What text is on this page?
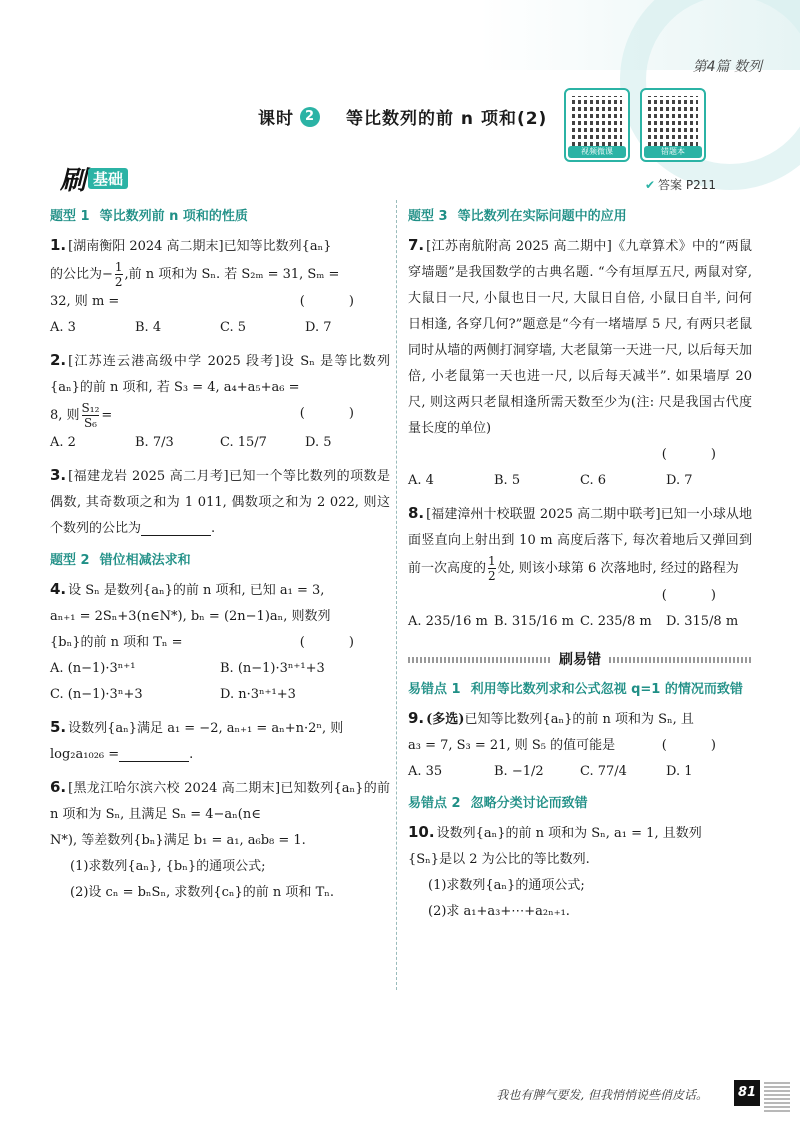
第4篇 数列
课时 2 等比数列的前 n 项和(2)
视频微课	错题本
刷 基础	✔ 答案 P211
题型 1 等比数列前 n 项和的性质
1. [湖南衡阳 2024 高二期末]已知等比数列{aₙ}
的公比为− $\frac{1}{2}$ ,前 n 项和为 Sₙ. 若 S₂ₘ = 31, Sₘ =

32, 则 m =	( )
A. 3	B. 4	C. 5	D. 7
2. [江苏连云港高级中学 2025 段考]设 Sₙ 是等比数列{aₙ}的前 n 项和, 若 S₃ = 4, a₄+a₅+a₆ =

8, 则 $\frac{\text{S₁₂}}{\text{S₆}}$ =	( )
A. 2	B. 7/3	C. 15/7	D. 5
3. [福建龙岩 2025 高二月考]已知一个等比数列的项数是偶数, 其奇数项之和为 1 011, 偶数项之和为 2 022, 则这个数列的公比为	.
题型 2 错位相减法求和
4. 设 Sₙ 是数列{aₙ}的前 n 项和, 已知 a₁ = 3,
aₙ₊₁ = 2Sₙ+3(n∈N*), bₙ = (2n−1)aₙ, 则数列

{bₙ}的前 n 项和 Tₙ =	( )
A. (n−1)·3ⁿ⁺¹	B. (n−1)·3ⁿ⁺¹+3
C. (n−1)·3ⁿ+3	D. n·3ⁿ⁺¹+3
5. 设数列{aₙ}满足 a₁ = −2, aₙ₊₁ = aₙ+n·2ⁿ, 则
log₂a₁₀₂₆ =	.
6. [黑龙江哈尔滨六校 2024 高二期末]已知数列{aₙ}的前 n 项和为 Sₙ, 且满足 Sₙ = 4−aₙ(n∈
N*), 等差数列{bₙ}满足 b₁ = a₁, a₆b₈ = 1.

(1)求数列{aₙ}, {bₙ}的通项公式;
(2)设 cₙ = bₙSₙ, 求数列{cₙ}的前 n 项和 Tₙ.
题型 3 等比数列在实际问题中的应用
7. [江苏南航附高 2025 高二期中]《九章算术》中的“两鼠穿墙题”是我国数学的古典名题. “今有垣厚五尺, 两鼠对穿, 大鼠日一尺, 小鼠也日一尺, 大鼠日自倍, 小鼠日自半, 问何日相逢, 各穿几何?”题意是“今有一堵墙厚 5 尺, 有两只老鼠同时从墙的两侧打洞穿墙, 大老鼠第一天进一尺, 以后每天加倍, 小老鼠第一天也进一尺, 以后每天减半”. 如果墙厚 20 尺, 则这两只老鼠相逢所需天数至少为(注: 尺是我国古代度量长度的单位)
( )
A. 4	B. 5	C. 6	D. 7
8. [福建漳州十校联盟 2025 高二期中联考]已知一小球从地面竖直向上射出到 10 m 高度后落下, 每次着地后又弹回到前一次高度的 $\frac{1}{2}$ 处, 则该小球第 6 次落地时, 经过的路程为
( )
A. 235/16 m B. 315/16 m C. 235/8 m	D. 315/8 m
刷易错
易错点 1 利用等比数列求和公式忽视 q=1 的情况而致错
9. (多选)已知等比数列{aₙ}的前 n 项和为 Sₙ, 且

a₃ = 7, S₃ = 21, 则 S₅ 的值可能是	( )
A. 35	B. −1/2	C. 77/4	D. 1
易错点 2 忽略分类讨论而致错
10. 设数列{aₙ}的前 n 项和为 Sₙ, a₁ = 1, 且数列
{Sₙ}是以 2 为公比的等比数列.

(1)求数列{aₙ}的通项公式;
(2)求 a₁+a₃+⋯+a₂ₙ₊₁.
我也有脾气要发, 但我悄悄说些俏皮话。	81
